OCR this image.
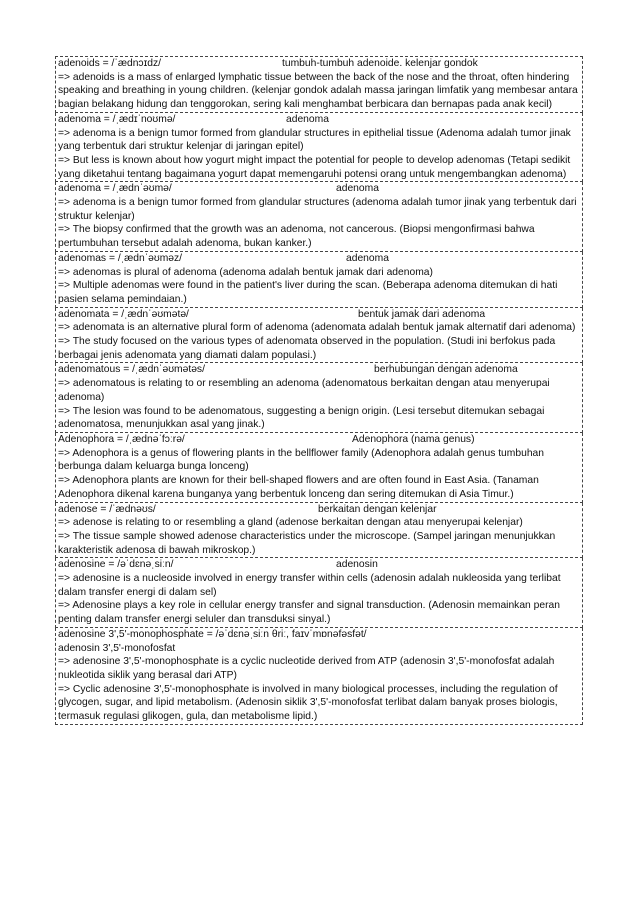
adenoids = /ˈædnɔɪdz/	tumbuh-tumbuh adenoide. kelenjar gondok
=> adenoids is a mass of enlarged lymphatic tissue between the back of the nose and the throat, often hindering speaking and breathing in young children. (kelenjar gondok adalah massa jaringan limfatik yang membesar antara bagian belakang hidung dan tenggorokan, sering kali menghambat berbicara dan bernapas pada anak kecil)
adenoma = /ˌædɪˈnoʊmə/	adenoma
=> adenoma is a benign tumor formed from glandular structures in epithelial tissue (Adenoma adalah tumor jinak yang terbentuk dari struktur kelenjar di jaringan epitel)
=> But less is known about how yogurt might impact the potential for people to develop adenomas (Tetapi sedikit yang diketahui tentang bagaimana yogurt dapat memengaruhi potensi orang untuk mengembangkan adenoma)
adenoma = /ˌædnˈəʊmə/	adenoma
=> adenoma is a benign tumor formed from glandular structures (adenoma adalah tumor jinak yang terbentuk dari struktur kelenjar)
=> The biopsy confirmed that the growth was an adenoma, not cancerous. (Biopsi mengonfirmasi bahwa pertumbuhan tersebut adalah adenoma, bukan kanker.)
adenomas = /ˌædnˈəʊməz/	adenoma
=> adenomas is plural of adenoma (adenoma adalah bentuk jamak dari adenoma)
=> Multiple adenomas were found in the patient's liver during the scan. (Beberapa adenoma ditemukan di hati pasien selama pemindaian.)
adenomata = /ˌædnˈəʊmətə/	bentuk jamak dari adenoma
=> adenomata is an alternative plural form of adenoma (adenomata adalah bentuk jamak alternatif dari adenoma)
=> The study focused on the various types of adenomata observed in the population. (Studi ini berfokus pada berbagai jenis adenomata yang diamati dalam populasi.)
adenomatous = /ˌædnˈəʊmətəs/	berhubungan dengan adenoma
=> adenomatous is relating to or resembling an adenoma (adenomatous berkaitan dengan atau menyerupai adenoma)
=> The lesion was found to be adenomatous, suggesting a benign origin. (Lesi tersebut ditemukan sebagai adenomatosa, menunjukkan asal yang jinak.)
Adenophora = /ˌædnəˈfɔːrə/	Adenophora (nama genus)
=> Adenophora is a genus of flowering plants in the bellflower family (Adenophora adalah genus tumbuhan berbunga dalam keluarga bunga lonceng)
=> Adenophora plants are known for their bell-shaped flowers and are often found in East Asia. (Tanaman Adenophora dikenal karena bunganya yang berbentuk lonceng dan sering ditemukan di Asia Timur.)
adenose = /ˈædnəʊs/	berkaitan dengan kelenjar
=> adenose is relating to or resembling a gland (adenose berkaitan dengan atau menyerupai kelenjar)
=> The tissue sample showed adenose characteristics under the microscope. (Sampel jaringan menunjukkan karakteristik adenosa di bawah mikroskop.)
adenosine = /əˈdɛnəˌsiːn/	adenosin
=> adenosine is a nucleoside involved in energy transfer within cells (adenosin adalah nukleosida yang terlibat dalam transfer energi di dalam sel)
=> Adenosine plays a key role in cellular energy transfer and signal transduction. (Adenosin memainkan peran penting dalam transfer energi seluler dan transduksi sinyal.)
adenosine 3',5'-monophosphate = /əˈdɛnəˌsiːn θriː, faɪvˈmɒnəfəsfət/
adenosin 3',5'-monofosfat
=> adenosine 3',5'-monophosphate is a cyclic nucleotide derived from ATP (adenosin 3',5'-monofosfat adalah nukleotida siklik yang berasal dari ATP)
=> Cyclic adenosine 3',5'-monophosphate is involved in many biological processes, including the regulation of glycogen, sugar, and lipid metabolism. (Adenosin siklik 3',5'-monofosfat terlibat dalam banyak proses biologis, termasuk regulasi glikogen, gula, dan metabolisme lipid.)
